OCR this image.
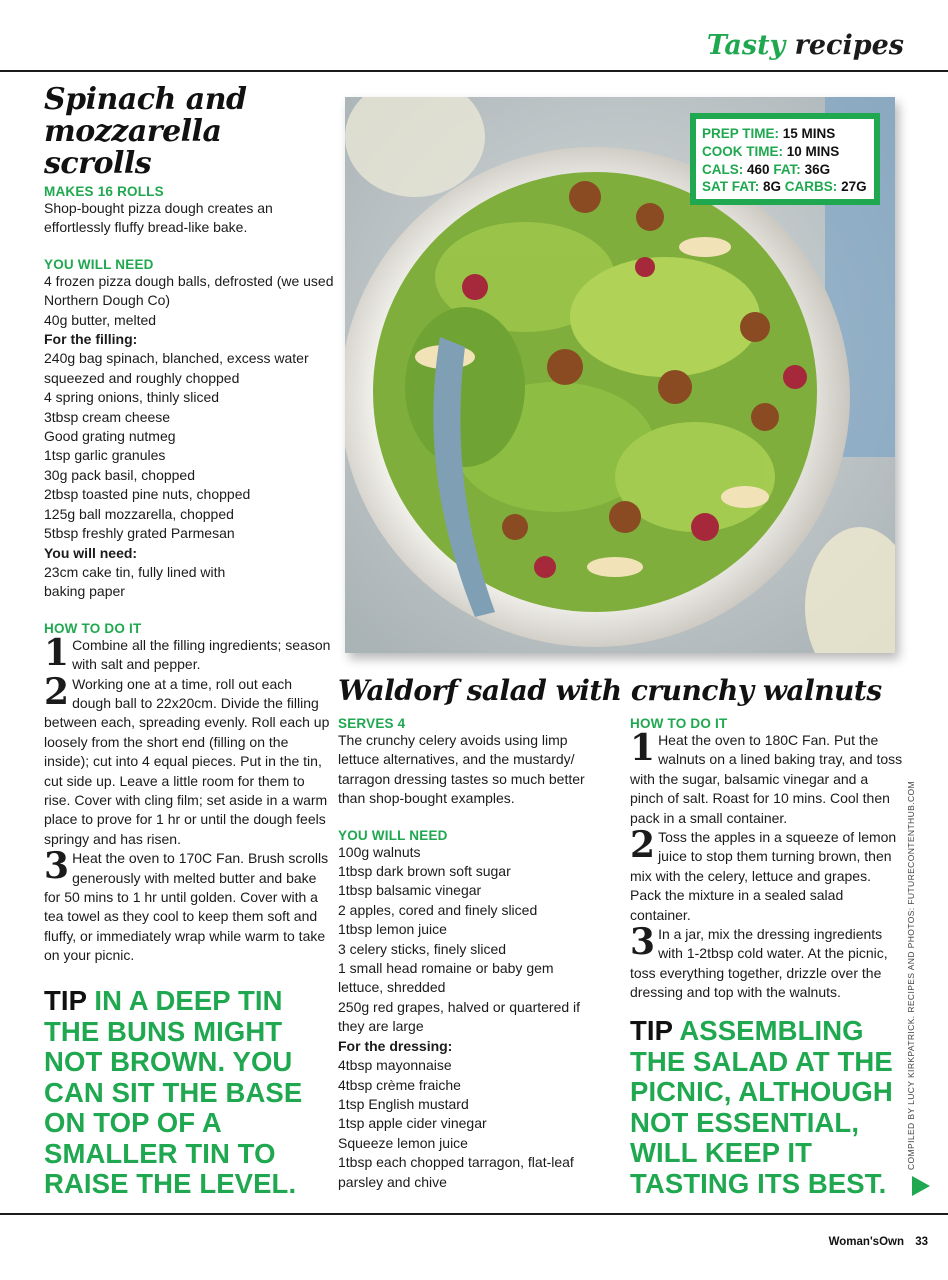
Tasty recipes
Spinach and
mozzarella scrolls
MAKES 16 ROLLS
Shop-bought pizza dough creates an effortlessly fluffy bread-like bake.
YOU WILL NEED

4 frozen pizza dough balls, defrosted (we used Northern Dough Co)

40g butter, melted

For the filling:

240g bag spinach, blanched, excess water squeezed and roughly chopped

4 spring onions, thinly sliced

3tbsp cream cheese

Good grating nutmeg

1tsp garlic granules

30g pack basil, chopped

2tbsp toasted pine nuts, chopped

125g ball mozzarella, chopped

5tbsp freshly grated Parmesan

You will need:

23cm cake tin, fully lined with baking paper

HOW TO DO IT

1 Combine all the filling ingredients; season with salt and pepper.

2 Working one at a time, roll out each dough ball to 22x20cm. Divide the filling between each, spreading evenly. Roll each up loosely from the short end (filling on the inside); cut into 4 equal pieces. Put in the tin, cut side up. Leave a little room for them to rise. Cover with cling film; set aside in a warm place to prove for 1 hr or until the dough feels springy and has risen.

3 Heat the oven to 170C Fan. Brush scrolls generously with melted butter and bake for 50 mins to 1 hr until golden. Cover with a tea towel as they cool to keep them soft and fluffy, or immediately wrap while warm to take on your picnic.

TIP IN A DEEP TIN THE BUNS MIGHT NOT BROWN. YOU CAN SIT THE BASE ON TOP OF A SMALLER TIN TO RAISE THE LEVEL.
PREP TIME: 15 MINS
COOK TIME: 10 MINS
CALS: 460 FAT: 36G
SAT FAT: 8G CARBS: 27G
Waldorf salad with crunchy walnuts
SERVES 4
The crunchy celery avoids using limp lettuce alternatives, and the mustardy/ tarragon dressing tastes so much better than shop-bought examples.
YOU WILL NEED

100g walnuts

1tbsp dark brown soft sugar

1tbsp balsamic vinegar

2 apples, cored and finely sliced

1tbsp lemon juice

3 celery sticks, finely sliced

1 small head romaine or baby gem lettuce, shredded

250g red grapes, halved or quartered if they are large

For the dressing:

4tbsp mayonnaise

4tbsp crème fraiche

1tsp English mustard

1tsp apple cider vinegar

Squeeze lemon juice

1tbsp each chopped tarragon, flat-leaf parsley and chive

HOW TO DO IT

1 Heat the oven to 180C Fan. Put the walnuts on a lined baking tray, and toss with the sugar, balsamic vinegar and a pinch of salt. Roast for 10 mins. Cool then pack in a small container.

2 Toss the apples in a squeeze of lemon juice to stop them turning brown, then mix with the celery, lettuce and grapes. Pack the mixture in a sealed salad container.

3 In a jar, mix the dressing ingredients with 1-2tbsp cold water. At the picnic, toss everything together, drizzle over the dressing and top with the walnuts.

TIP ASSEMBLING THE SALAD AT THE PICNIC, ALTHOUGH NOT ESSENTIAL, WILL KEEP IT TASTING ITS BEST.
COMPILED BY LUCY KIRKPATRICK. RECIPES AND PHOTOS: FUTURECONTENTHUB.COM
Woman'sOwn 33
